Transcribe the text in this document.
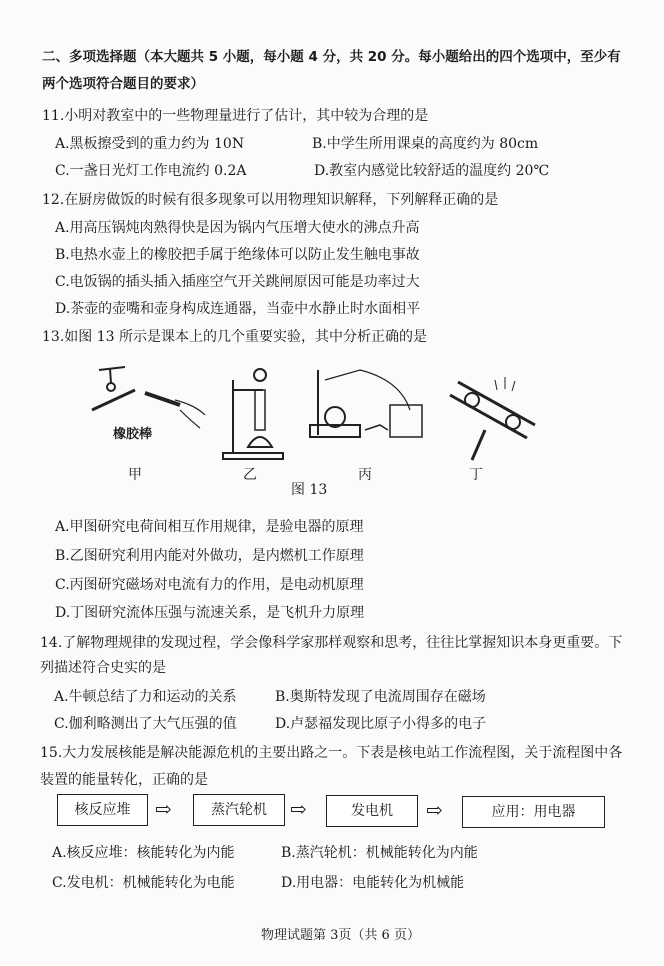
二、多项选择题（本大题共 5 小题，每小题 4 分，共 20 分。每小题给出的四个选项中，至少有
两个选项符合题目的要求）
11.小明对教室中的一些物理量进行了估计，其中较为合理的是
A.黑板擦受到的重力约为 10N	B.中学生所用课桌的高度约为 80cm
C.一盏日光灯工作电流约 0.2A	D.教室内感觉比较舒适的温度约 20℃
12.在厨房做饭的时候有很多现象可以用物理知识解释，下列解释正确的是
A.用高压锅炖肉熟得快是因为锅内气压增大使水的沸点升高
B.电热水壶上的橡胶把手属于绝缘体可以防止发生触电事故
C.电饭锅的插头插入插座空气开关跳闸原因可能是功率过大
D.茶壶的壶嘴和壶身构成连通器，当壶中水静止时水面相平
13.如图 13 所示是课本上的几个重要实验，其中分析正确的是
橡胶棒
甲	乙	丙	丁
图 13
A.甲图研究电荷间相互作用规律，是验电器的原理
B.乙图研究利用内能对外做功，是内燃机工作原理
C.丙图研究磁场对电流有力的作用，是电动机原理
D.丁图研究流体压强与流速关系，是飞机升力原理
14.了解物理规律的发现过程，学会像科学家那样观察和思考，往往比掌握知识本身更重要。下
列描述符合史实的是
A.牛顿总结了力和运动的关系	B.奥斯特发现了电流周围存在磁场
C.伽利略测出了大气压强的值	D.卢瑟福发现比原子小得多的电子
15.大力发展核能是解决能源危机的主要出路之一。下表是核电站工作流程图，关于流程图中各
装置的能量转化，正确的是
核反应堆	⇨	蒸汽轮机	⇨	发电机	⇨	应用：用电器
A.核反应堆：核能转化为内能	B.蒸汽轮机：机械能转化为内能
C.发电机：机械能转化为电能	D.用电器：电能转化为机械能
物理试题第 3页（共 6 页）
